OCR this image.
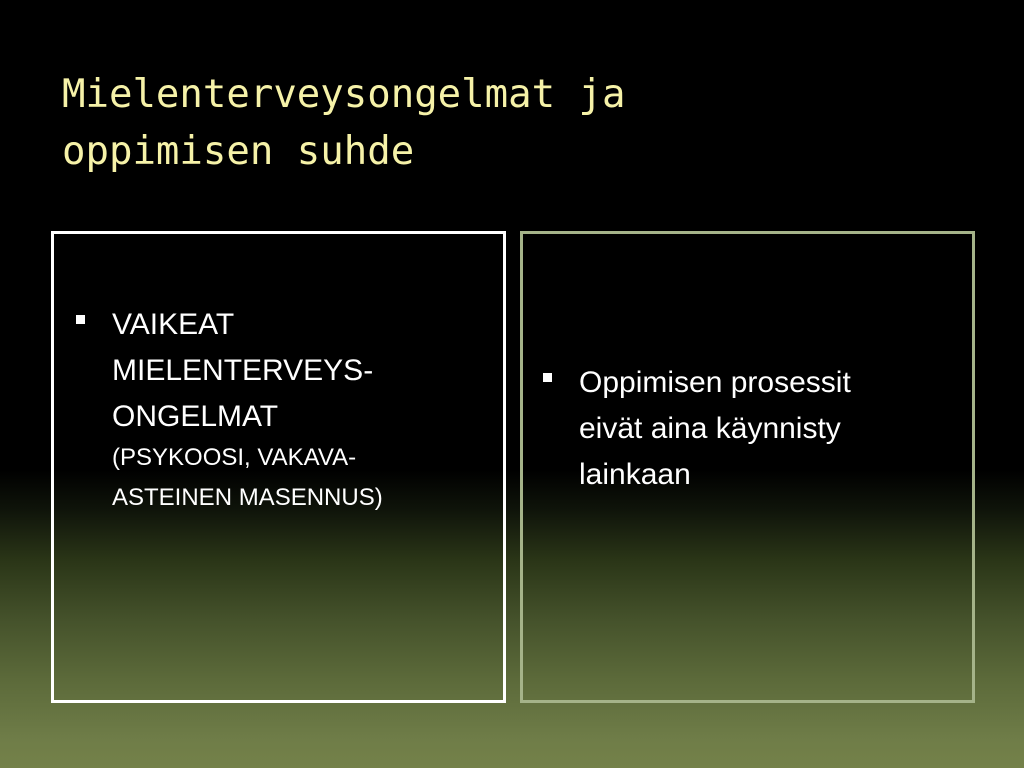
Mielenterveysongelmat ja
oppimisen suhde
VAIKEAT
MIELENTERVEYS-
ONGELMAT
(PSYKOOSI, VAKAVA-
ASTEINEN MASENNUS)
Oppimisen prosessit
eivät aina käynnisty
lainkaan
